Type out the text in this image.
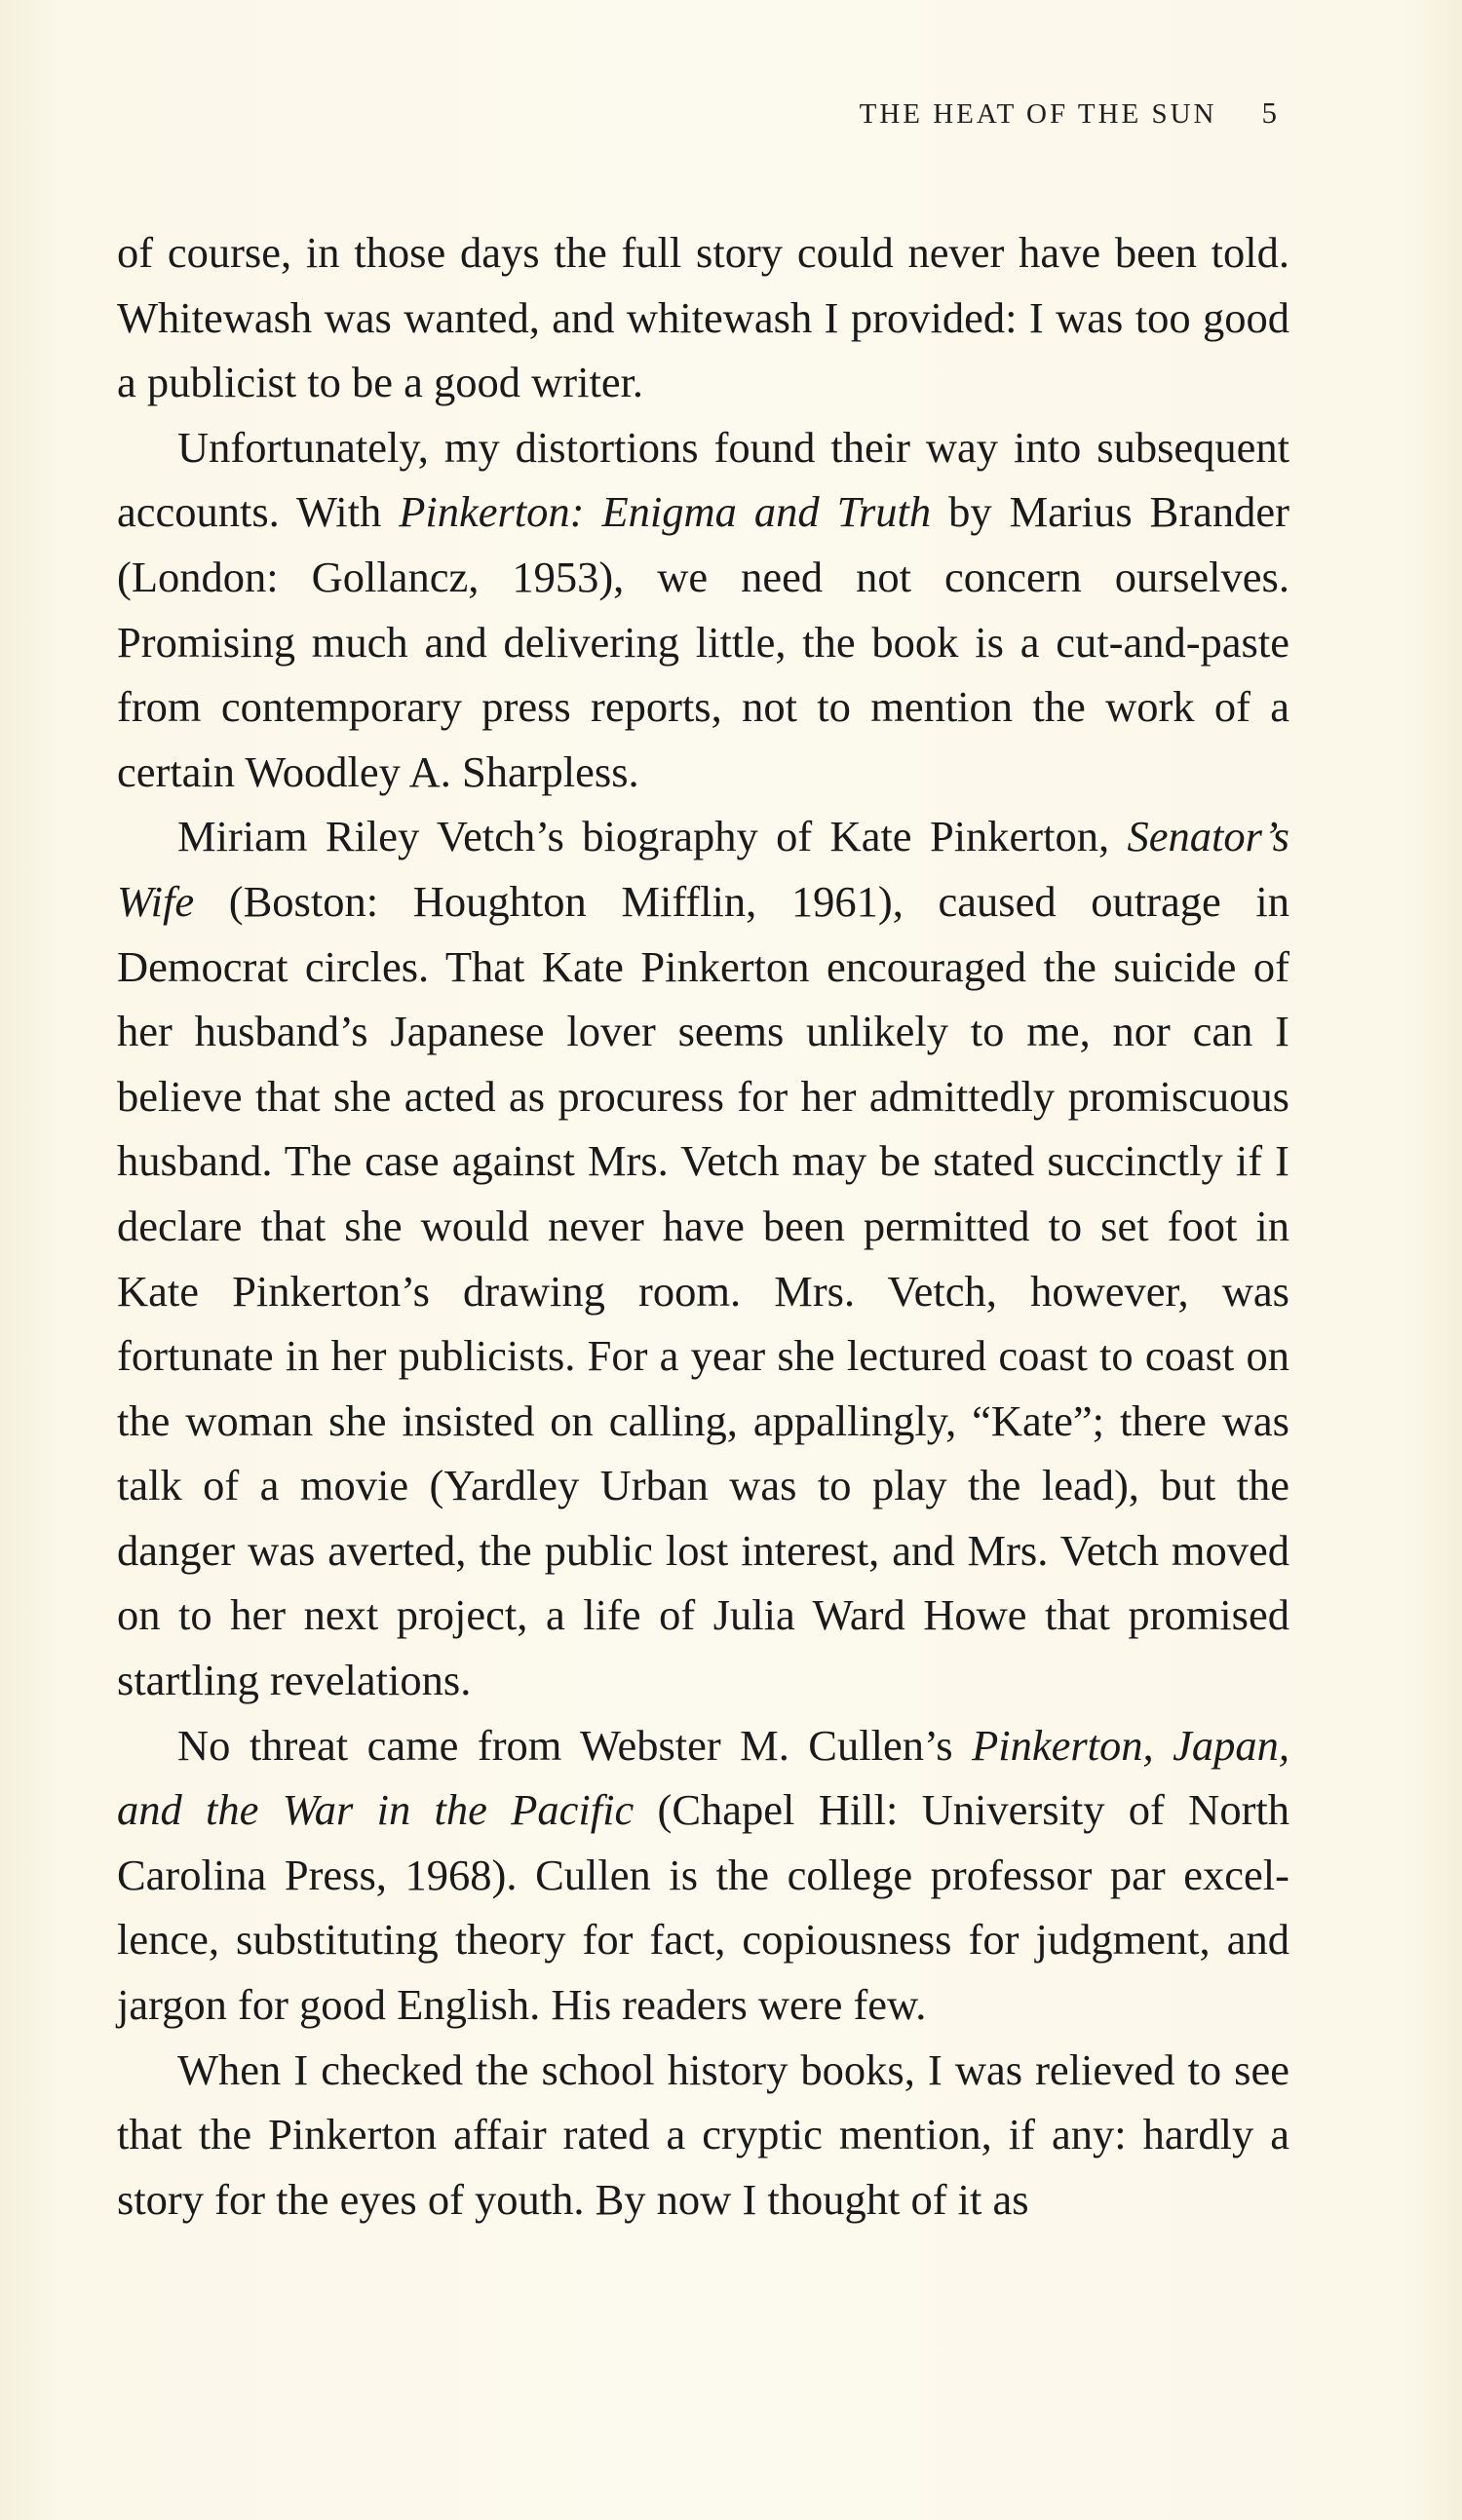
THE HEAT OF THE SUN 5

of course, in those days the full story could never have been told. Whitewash was wanted, and whitewash I provided: I was too good a publicist to be a good writer.

Unfortunately, my distortions found their way into subsequent accounts. With Pinkerton: Enigma and Truth by Marius Brander (London: Gollancz, 1953), we need not concern ourselves. Promising much and delivering little, the book is a cut-and-paste from contemporary press reports, not to mention the work of a certain Woodley A. Sharpless.

Miriam Riley Vetch’s biography of Kate Pinkerton, Senator’s Wife (Boston: Houghton Mifflin, 1961), caused outrage in Democrat circles. That Kate Pinkerton encouraged the suicide of her husband’s Japanese lover seems unlikely to me, nor can I believe that she acted as procuress for her admittedly promiscuous husband. The case against Mrs. Vetch may be stated succinctly if I declare that she would never have been permitted to set foot in Kate Pinkerton’s drawing room. Mrs. Vetch, however, was fortunate in her publicists. For a year she lectured coast to coast on the woman she insisted on calling, appallingly, “Kate”; there was talk of a movie (Yardley Urban was to play the lead), but the danger was averted, the public lost interest, and Mrs. Vetch moved on to her next project, a life of Julia Ward Howe that promised startling revelations.

No threat came from Webster M. Cullen’s Pinkerton, Japan, and the War in the Pacific (Chapel Hill: University of North Carolina Press, 1968). Cullen is the college professor par excellence, substituting theory for fact, copiousness for judgment, and jargon for good English. His readers were few.

When I checked the school history books, I was relieved to see that the Pinkerton affair rated a cryptic mention, if any: hardly a story for the eyes of youth. By now I thought of it as
